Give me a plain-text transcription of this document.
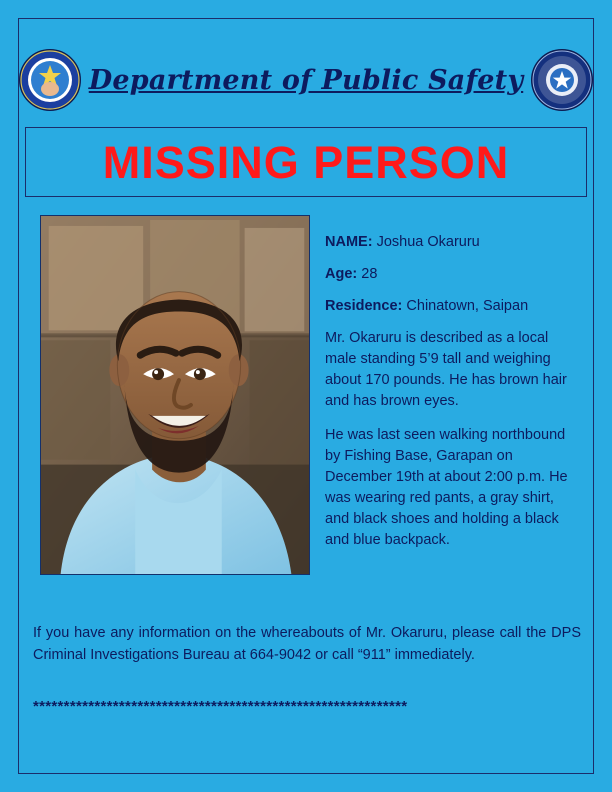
Department of Public Safety
MISSING PERSON
NAME: Joshua Okaruru
Age: 28
Residence: Chinatown, Saipan

Mr. Okaruru is described as a local male standing 5’9 tall and weighing about 170 pounds. He has brown hair and has brown eyes.

He was last seen walking northbound by Fishing Base, Garapan on December 19th at about 2:00 p.m. He was wearing red pants, a gray shirt, and black shoes and holding a black and blue backpack.

If you have any information on the whereabouts of Mr. Okaruru, please call the DPS Criminal Investigations Bureau at 664-9042 or call “911” immediately.
*************************************************************
